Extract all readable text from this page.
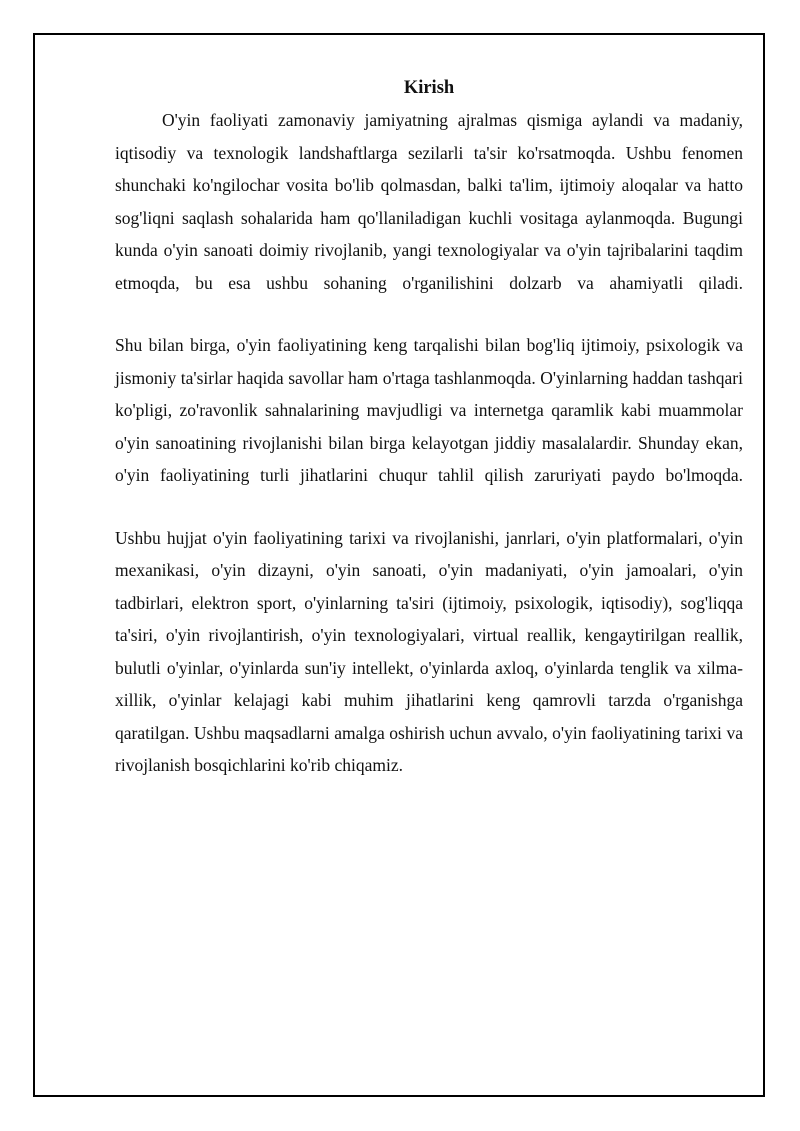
Kirish

O'yin faoliyati zamonaviy jamiyatning ajralmas qismiga aylandi va madaniy, iqtisodiy va texnologik landshaftlarga sezilarli ta'sir ko'rsatmoqda. Ushbu fenomen shunchaki ko'ngilochar vosita bo'lib qolmasdan, balki ta'lim, ijtimoiy aloqalar va hatto sog'liqni saqlash sohalarida ham qo'llaniladigan kuchli vositaga aylanmoqda. Bugungi kunda o'yin sanoati doimiy rivojlanib, yangi texnologiyalar va o'yin tajribalarini taqdim etmoqda, bu esa ushbu sohaning o'rganilishini dolzarb va ahamiyatli qiladi.

Shu bilan birga, o'yin faoliyatining keng tarqalishi bilan bog'liq ijtimoiy, psixologik va jismoniy ta'sirlar haqida savollar ham o'rtaga tashlanmoqda. O'yinlarning haddan tashqari ko'pligi, zo'ravonlik sahnalarining mavjudligi va internetga qaramlik kabi muammolar o'yin sanoatining rivojlanishi bilan birga kelayotgan jiddiy masalalardir. Shunday ekan, o'yin faoliyatining turli jihatlarini chuqur tahlil qilish zaruriyati paydo bo'lmoqda.

Ushbu hujjat o'yin faoliyatining tarixi va rivojlanishi, janrlari, o'yin platformalari, o'yin mexanikasi, o'yin dizayni, o'yin sanoati, o'yin madaniyati, o'yin jamoalari, o'yin tadbirlari, elektron sport, o'yinlarning ta'siri (ijtimoiy, psixologik, iqtisodiy), sog'liqqa ta'siri, o'yin rivojlantirish, o'yin texnologiyalari, virtual reallik, kengaytirilgan reallik, bulutli o'yinlar, o'yinlarda sun'iy intellekt, o'yinlarda axloq, o'yinlarda tenglik va xilma-xillik, o'yinlar kelajagi kabi muhim jihatlarini keng qamrovli tarzda o'rganishga qaratilgan. Ushbu maqsadlarni amalga oshirish uchun avvalo, o'yin faoliyatining tarixi va rivojlanish bosqichlarini ko'rib chiqamiz.
